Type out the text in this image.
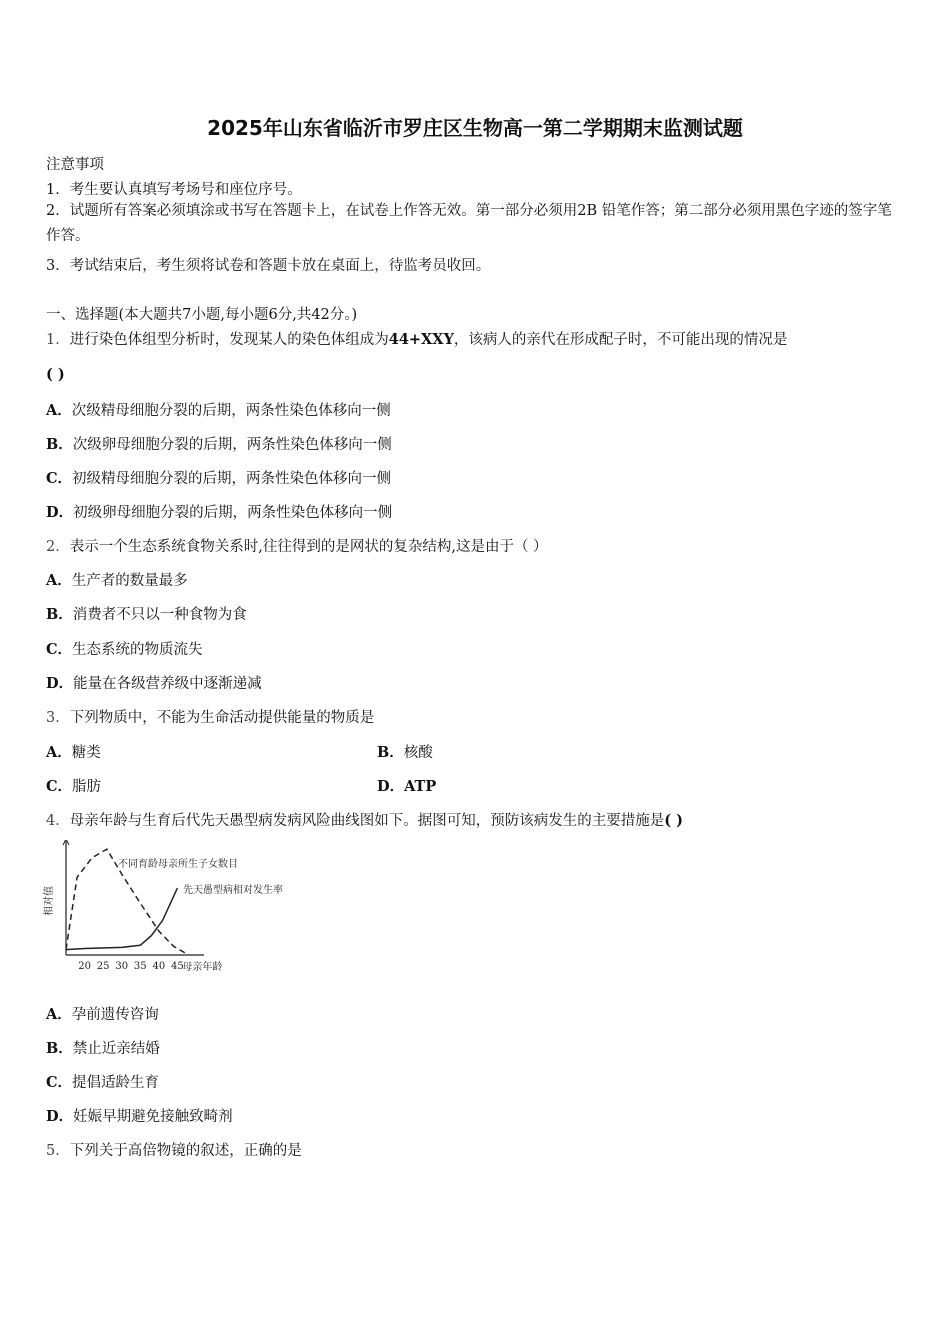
2025年山东省临沂市罗庄区生物高一第二学期期末监测试题
注意事项
1．考生要认真填写考场号和座位序号。
2．试题所有答案必须填涂或书写在答题卡上，在试卷上作答无效。第一部分必须用2B 铅笔作答；第二部分必须用黑色字迹的签字笔作答。
3．考试结束后，考生须将试卷和答题卡放在桌面上，待监考员收回。
一、选择题(本大题共7小题,每小题6分,共42分。)
1．进行染色体组型分析时，发现某人的染色体组成为44+XXY，该病人的亲代在形成配子时，不可能出现的情况是
( )
A．次级精母细胞分裂的后期，两条性染色体移向一侧
B．次级卵母细胞分裂的后期，两条性染色体移向一侧
C．初级精母细胞分裂的后期，两条性染色体移向一侧
D．初级卵母细胞分裂的后期，两条性染色体移向一侧
2．表示一个生态系统食物关系时,往往得到的是网状的复杂结构,这是由于（ ）
A．生产者的数量最多
B．消费者不只以一种食物为食
C．生态系统的物质流失
D．能量在各级营养级中逐渐递减
3．下列物质中，不能为生命活动提供能量的物质是
A．糖类	B．核酸
C．脂肪	D．ATP
4．母亲年龄与生育后代先天愚型病发病风险曲线图如下。据图可知，预防该病发生的主要措施是( )
20 25 30 35 40 45
母亲年龄
相对值
不同育龄母亲所生子女数目
先天愚型病相对发生率
A．孕前遗传咨询
B．禁止近亲结婚
C．提倡适龄生育
D．妊娠早期避免接触致畸剂
5．下列关于高倍物镜的叙述，正确的是
